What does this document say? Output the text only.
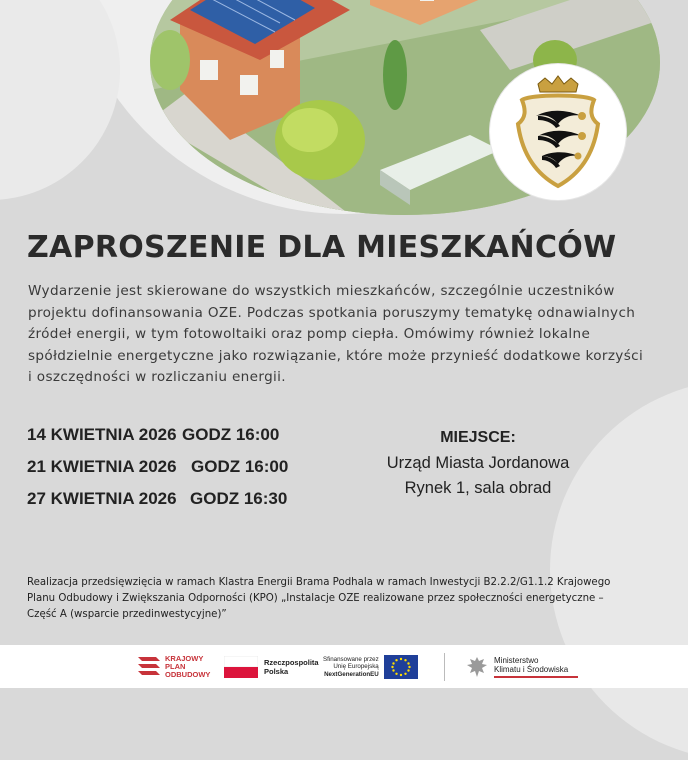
ZAPROSZENIE DLA MIESZKAŃCÓW

Wydarzenie jest skierowane do wszystkich mieszkańców, szczególnie uczestników
projektu dofinansowania OZE. Podczas spotkania poruszymy tematykę odnawialnych
źródeł energii, w tym fotowoltaiki oraz pomp ciepła. Omówimy również lokalne
spółdzielnie energetyczne jako rozwiązanie, które może przynieść dodatkowe korzyści
i oszczędności w rozliczaniu energii.

14 KWIETNIA 2026 GODZ 16:00
21 KWIETNIA 2026 GODZ 16:00
27 KWIETNIA 2026 GODZ 16:30
MIEJSCE:
Urząd Miasta Jordanowa
Rynek 1, sala obrad

Realizacja przedsięwzięcia w ramach Klastra Energii Brama Podhala w ramach Inwestycji B2.2.2/G1.1.2 Krajowego
Planu Odbudowy i Zwiększania Odporności (KPO) „Instalacje OZE realizowane przez społeczności energetyczne –
Część A (wsparcie przedinwestycyjne)”

KRAJOWY
PLAN
ODBUDOWY
Rzeczpospolita
Polska
Sfinansowane przez
Unię Europejską
NextGenerationEU
Ministerstwo
Klimatu i Środowiska
